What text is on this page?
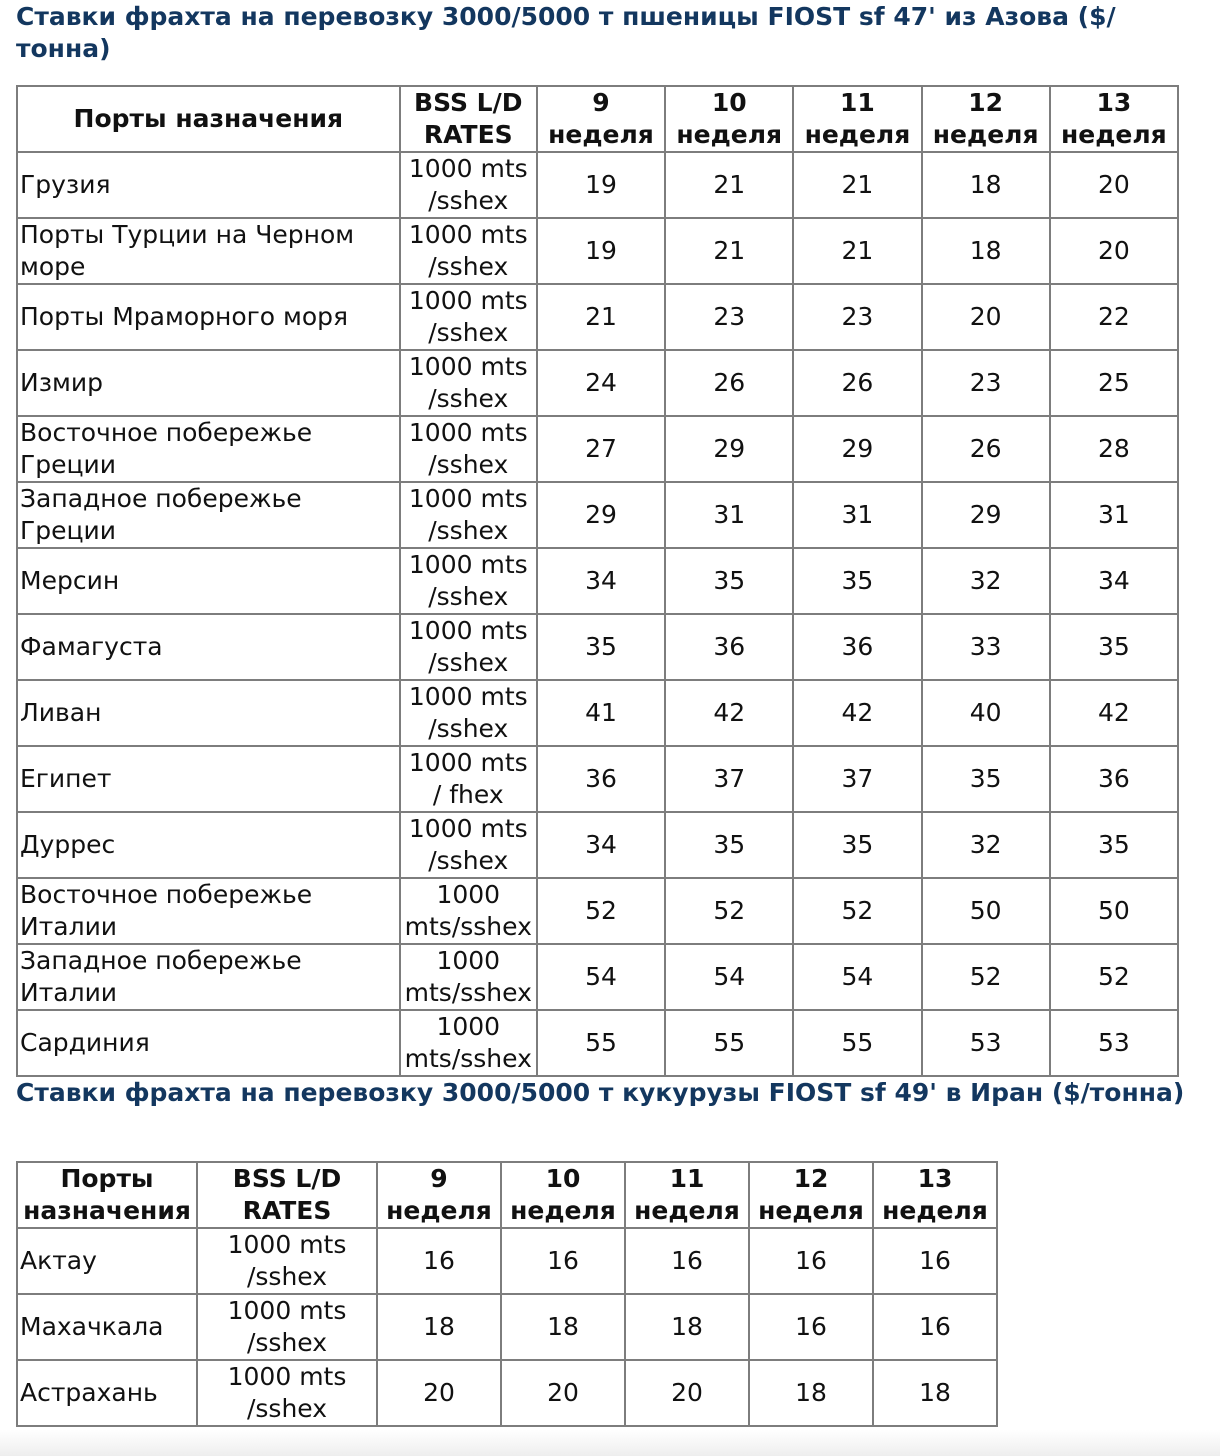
Ставки фрахта на перевозку 3000/5000 т пшеницы FIOST sf 47' из Азова ($/тонна)
Порты назначения	BSS L/D RATES	9 неделя	10 неделя	11 неделя	12 неделя	13 неделя
Грузия	1000 mts /sshex	19	21	21	18	20
Порты Турции на Черном море	1000 mts /sshex	19	21	21	18	20
Порты Мраморного моря	1000 mts /sshex	21	23	23	20	22
Измир	1000 mts /sshex	24	26	26	23	25
Восточное побережье Греции	1000 mts /sshex	27	29	29	26	28
Западное побережье Греции	1000 mts /sshex	29	31	31	29	31
Мерсин	1000 mts /sshex	34	35	35	32	34
Фамагуста	1000 mts /sshex	35	36	36	33	35
Ливан	1000 mts /sshex	41	42	42	40	42
Египет	1000 mts / fhex	36	37	37	35	36
Дуррес	1000 mts /sshex	34	35	35	32	35
Восточное побережье Италии	1000 mts/sshex	52	52	52	50	50
Западное побережье Италии	1000 mts/sshex	54	54	54	52	52
Сардиния	1000 mts/sshex	55	55	55	53	53
Ставки фрахта на перевозку 3000/5000 т кукурузы FIOST sf 49' в Иран ($/тонна)
Порты назначения	BSS L/D RATES	9 неделя	10 неделя	11 неделя	12 неделя	13 неделя
Актау	1000 mts /sshex	16	16	16	16	16
Махачкала	1000 mts /sshex	18	18	18	16	16
Астрахань	1000 mts /sshex	20	20	20	18	18
